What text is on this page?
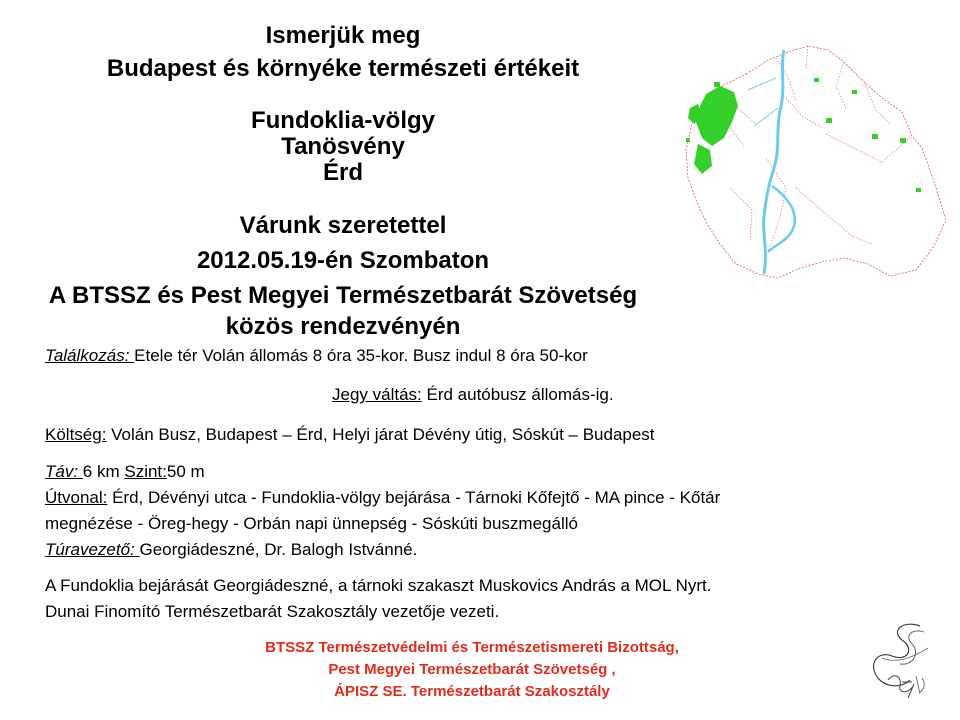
Ismerjük meg

Budapest és környéke természeti értékeit

Fundoklia-völgy

Tanösvény

Érd

Várunk szeretettel

2012.05.19-én Szombaton

A BTSSZ és Pest Megyei Természetbarát Szövetség

közös rendezvényén

Találkozás: Etele tér Volán állomás 8 óra 35-kor. Busz indul 8 óra 50-kor

Jegy váltás: Érd autóbusz állomás-ig.

Költség: Volán Busz, Budapest – Érd, Helyi járat Dévény útig, Sóskút – Budapest

Táv: 6 km Szint:50 m

Útvonal: Érd, Dévényi utca - Fundoklia-völgy bejárása - Tárnoki Kőfejtő - MA pince - Kőtár

megnézése - Öreg-hegy - Orbán napi ünnepség - Sóskúti buszmegálló

Túravezető: Georgiádeszné, Dr. Balogh Istvánné.

A Fundoklia bejárását Georgiádeszné, a tárnoki szakaszt Muskovics András a MOL Nyrt.

Dunai Finomító Természetbarát Szakosztály vezetője vezeti.

BTSSZ Természetvédelmi és Természetismereti Bizottság,

Pest Megyei Természetbarát Szövetség ,

ÁPISZ SE. Természetbarát Szakosztály
